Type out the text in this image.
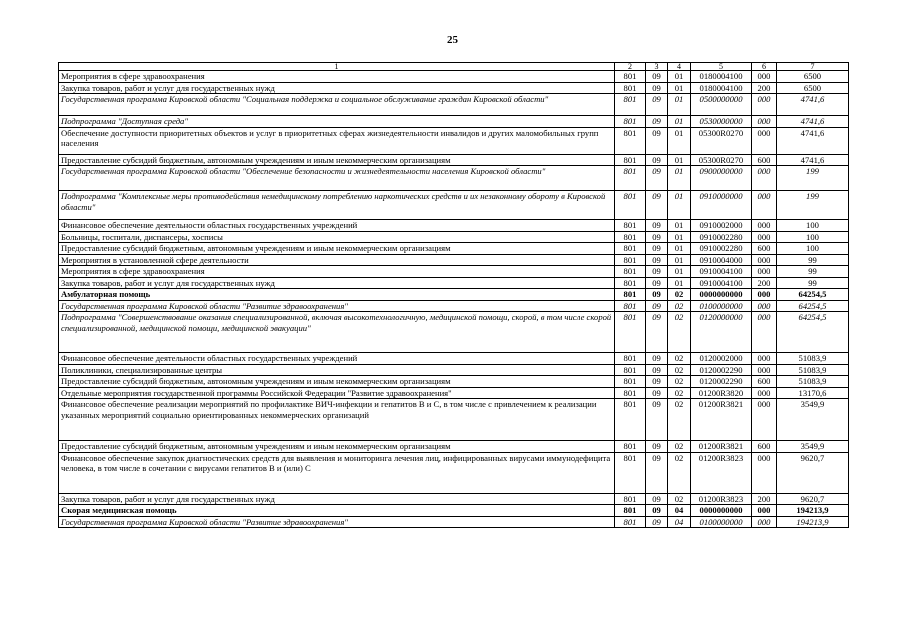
25
1	2	3	4	5	6	7
Мероприятия в сфере здравоохранения	801	09	01	0180004100	000	6500
Закупка товаров, работ и услуг для государственных нужд	801	09	01	0180004100	200	6500
Государственная программа Кировской области "Социальная поддержка и социальное обслуживание граждан Кировской области"	801	09	01	0500000000	000	4741,6
Подпрограмма "Доступная среда"	801	09	01	0530000000	000	4741,6
Обеспечение доступности приоритетных объектов и услуг в приоритетных сферах жизнедеятельности инвалидов и других маломобильных групп населения	801	09	01	05300R0270	000	4741,6
Предоставление субсидий бюджетным, автономным учреждениям и иным некоммерческим организациям	801	09	01	05300R0270	600	4741,6
Государственная программа Кировской области "Обеспечение безопасности и жизнедеятельности населения Кировской области"	801	09	01	0900000000	000	199
Подпрограмма "Комплексные меры противодействия немедицинскому потреблению наркотических средств и их незаконному обороту в Кировской области"	801	09	01	0910000000	000	199
Финансовое обеспечение деятельности областных государственных учреждений	801	09	01	0910002000	000	100
Больницы, госпитали, диспансеры, хосписы	801	09	01	0910002280	000	100
Предоставление субсидий бюджетным, автономным учреждениям и иным некоммерческим организациям	801	09	01	0910002280	600	100
Мероприятия в установленной сфере деятельности	801	09	01	0910004000	000	99
Мероприятия в сфере здравоохранения	801	09	01	0910004100	000	99
Закупка товаров, работ и услуг для государственных нужд	801	09	01	0910004100	200	99
Амбулаторная помощь	801	09	02	0000000000	000	64254,5
Государственная программа Кировской области "Развитие здравоохранения"	801	09	02	0100000000	000	64254,5
Подпрограмма "Совершенствование оказания специализированной, включая высокотехнологичную, медицинской помощи, скорой, в том числе скорой специализированной, медицинской помощи, медицинской эвакуации"	801	09	02	0120000000	000	64254,5
Финансовое обеспечение деятельности областных государственных учреждений	801	09	02	0120002000	000	51083,9
Поликлиники, специализированные центры	801	09	02	0120002290	000	51083,9
Предоставление субсидий бюджетным, автономным учреждениям и иным некоммерческим организациям	801	09	02	0120002290	600	51083,9
Отдельные мероприятия государственной программы Российской Федерации "Развитие здравоохранения"	801	09	02	01200R3820	000	13170,6
Финансовое обеспечение реализации мероприятий по профилактике ВИЧ-инфекции и гепатитов В и С, в том числе с привлечением к реализации указанных мероприятий социально ориентированных некоммерческих организаций	801	09	02	01200R3821	000	3549,9
Предоставление субсидий бюджетным, автономным учреждениям и иным некоммерческим организациям	801	09	02	01200R3821	600	3549,9
Финансовое обеспечение закупок диагностических средств для выявления и мониторинга лечения лиц, инфицированных вирусами иммунодефицита человека, в том числе в сочетании с вирусами гепатитов В и (или) С	801	09	02	01200R3823	000	9620,7
Закупка товаров, работ и услуг для государственных нужд	801	09	02	01200R3823	200	9620,7
Скорая медицинская помощь	801	09	04	0000000000	000	194213,9
Государственная программа Кировской области "Развитие здравоохранения"	801	09	04	0100000000	000	194213,9
